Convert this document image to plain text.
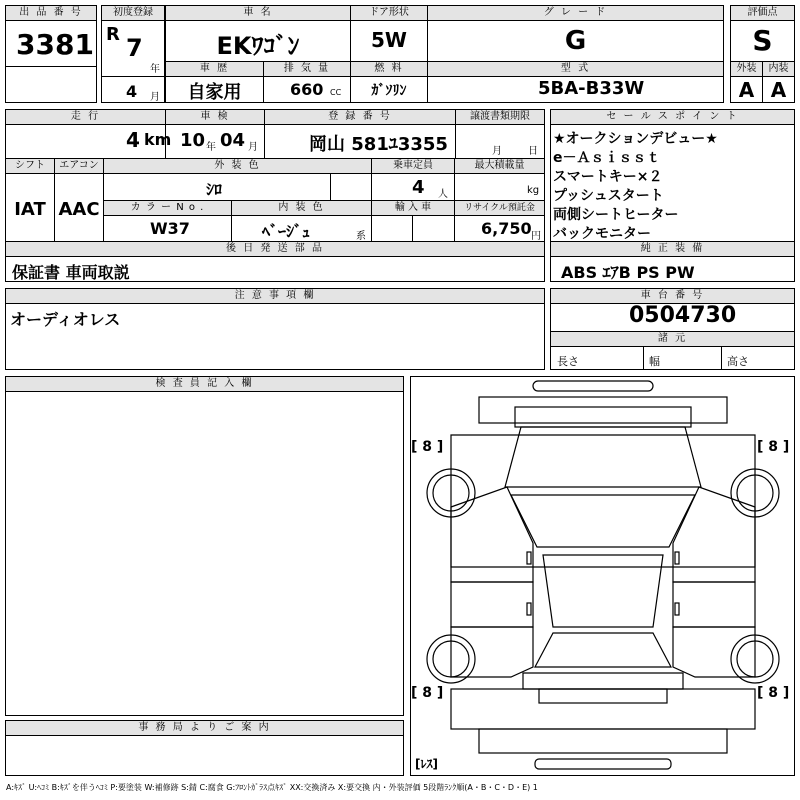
出 品 番 号
3381
初度登録
R 7
年
4 月
車 名
EKﾜｺﾞﾝ
車 歴
自家用
排 気 量
660 CC
ドア形状
5W
燃 料
ｶﾞｿﾘﾝ
グ レ ー ド
G
型 式
5BA-B33W
評価点
S
外装
A
内装
A
走 行
4 km
車 検
10 年 04 月
登 録 番 号
岡山 581ﾕ3355
譲渡書類期限
月	日
シフト
IAT
エアコン
AAC
外 装 色
ｼﾛ
乗車定員
4 人
最大積載量
kg
カ ラ ー N o .
W37
内 装 色
ﾍﾞｰｼﾞｭ	系
輸 入 車	リサイクル預託金
6,750 円
後 日 発 送 部 品
保証書 車両取説
セ ー ル ス ポ イ ン ト
★オークションデビュー★
e－Ａｓｉｓｓｔ
スマートキー×２
プッシュスタート
両側シートヒーター
バックモニター
純 正 装 備
ABS ｴｱB PS PW
注 意 事 項 欄
オーディオレス
車 台 番 号
0504730
諸 元
長さ	幅	高さ
検 査 員 記 入 欄
事 務 局 よ り ご 案 内
[ 8 ]	[ 8 ]
[ 8 ]	[ 8 ]
[ﾚｽ]
A:ｷｽﾞ U:ﾍｺﾐ B:ｷｽﾞを伴うﾍｺﾐ P:要塗装 W:補修跡 S:錆 C:腐食 G:ﾌﾛﾝﾄｶﾞﾗｽ点ｷｽﾞ XX:交換済み X:要交換 内・外装評価 5段階ﾗﾝｸ順(A・B・C・D・E) 1
